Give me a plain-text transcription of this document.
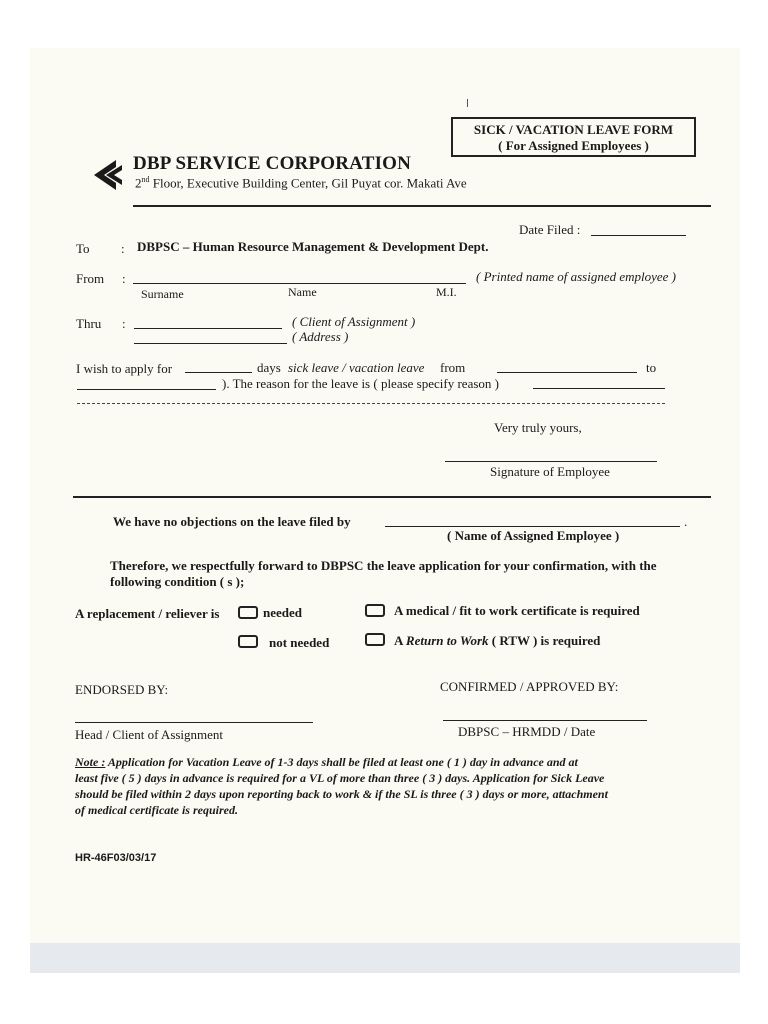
SICK / VACATION LEAVE FORM
( For Assigned Employees )
DBP SERVICE CORPORATION
2nd Floor, Executive Building Center, Gil Puyat cor. Makati Ave
Date Filed :
To : DBPSC – Human Resource Management & Development Dept.
From :	( Printed name of assigned employee )
Surname	Name	M.I.
Thru :	( Client of Assignment )
( Address )
I wish to apply for	days sick leave / vacation leave from	to
). The reason for the leave is ( please specify reason )
Very truly yours,
Signature of Employee
We have no objections on the leave filed by	.
( Name of Assigned Employee )
Therefore, we respectfully forward to DBPSC the leave application for your confirmation, with the
following condition ( s );
A replacement / reliever is	needed
not needed
A medical / fit to work certificate is required
A Return to Work ( RTW ) is required
ENDORSED BY:	CONFIRMED / APPROVED BY:
Head / Client of Assignment	DBPSC – HRMDD / Date
Note : Application for Vacation Leave of 1-3 days shall be filed at least one ( 1 ) day in advance and at
least five ( 5 ) days in advance is required for a VL of more than three ( 3 ) days. Application for Sick Leave
should be filed within 2 days upon reporting back to work & if the SL is three ( 3 ) days or more, attachment
of medical certificate is required.
HR-46F03/03/17
